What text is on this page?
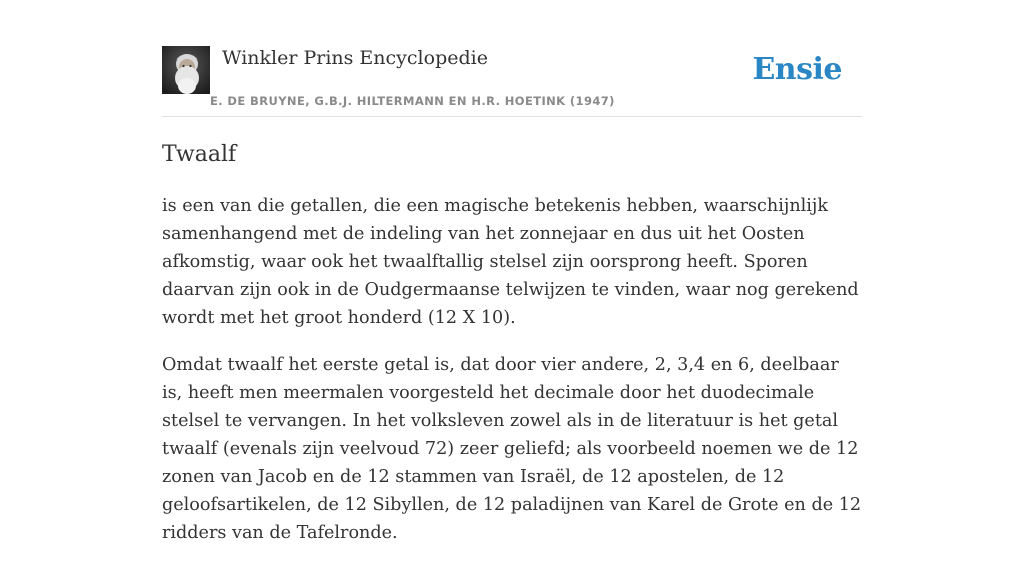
Winkler Prins Encyclopedie
E. DE BRUYNE, G.B.J. HILTERMANN EN H.R. HOETINK (1947)
Ensie
Twaalf

is een van die getallen, die een magische betekenis hebben, waarschijnlijk samenhangend met de indeling van het zonnejaar en dus uit het Oosten afkomstig, waar ook het twaalftallig stelsel zijn oorsprong heeft. Sporen daarvan zijn ook in de Oudgermaanse telwijzen te vinden, waar nog gerekend wordt met het groot honderd (12 X 10).

Omdat twaalf het eerste getal is, dat door vier andere, 2, 3,4 en 6, deelbaar is, heeft men meermalen voorgesteld het decimale door het duodecimale stelsel te vervangen. In het volksleven zowel als in de literatuur is het getal twaalf (evenals zijn veelvoud 72) zeer geliefd; als voorbeeld noemen we de 12 zonen van Jacob en de 12 stammen van Israël, de 12 apostelen, de 12 geloofsartikelen, de 12 Sibyllen, de 12 paladijnen van Karel de Grote en de 12 ridders van de Tafelronde.
